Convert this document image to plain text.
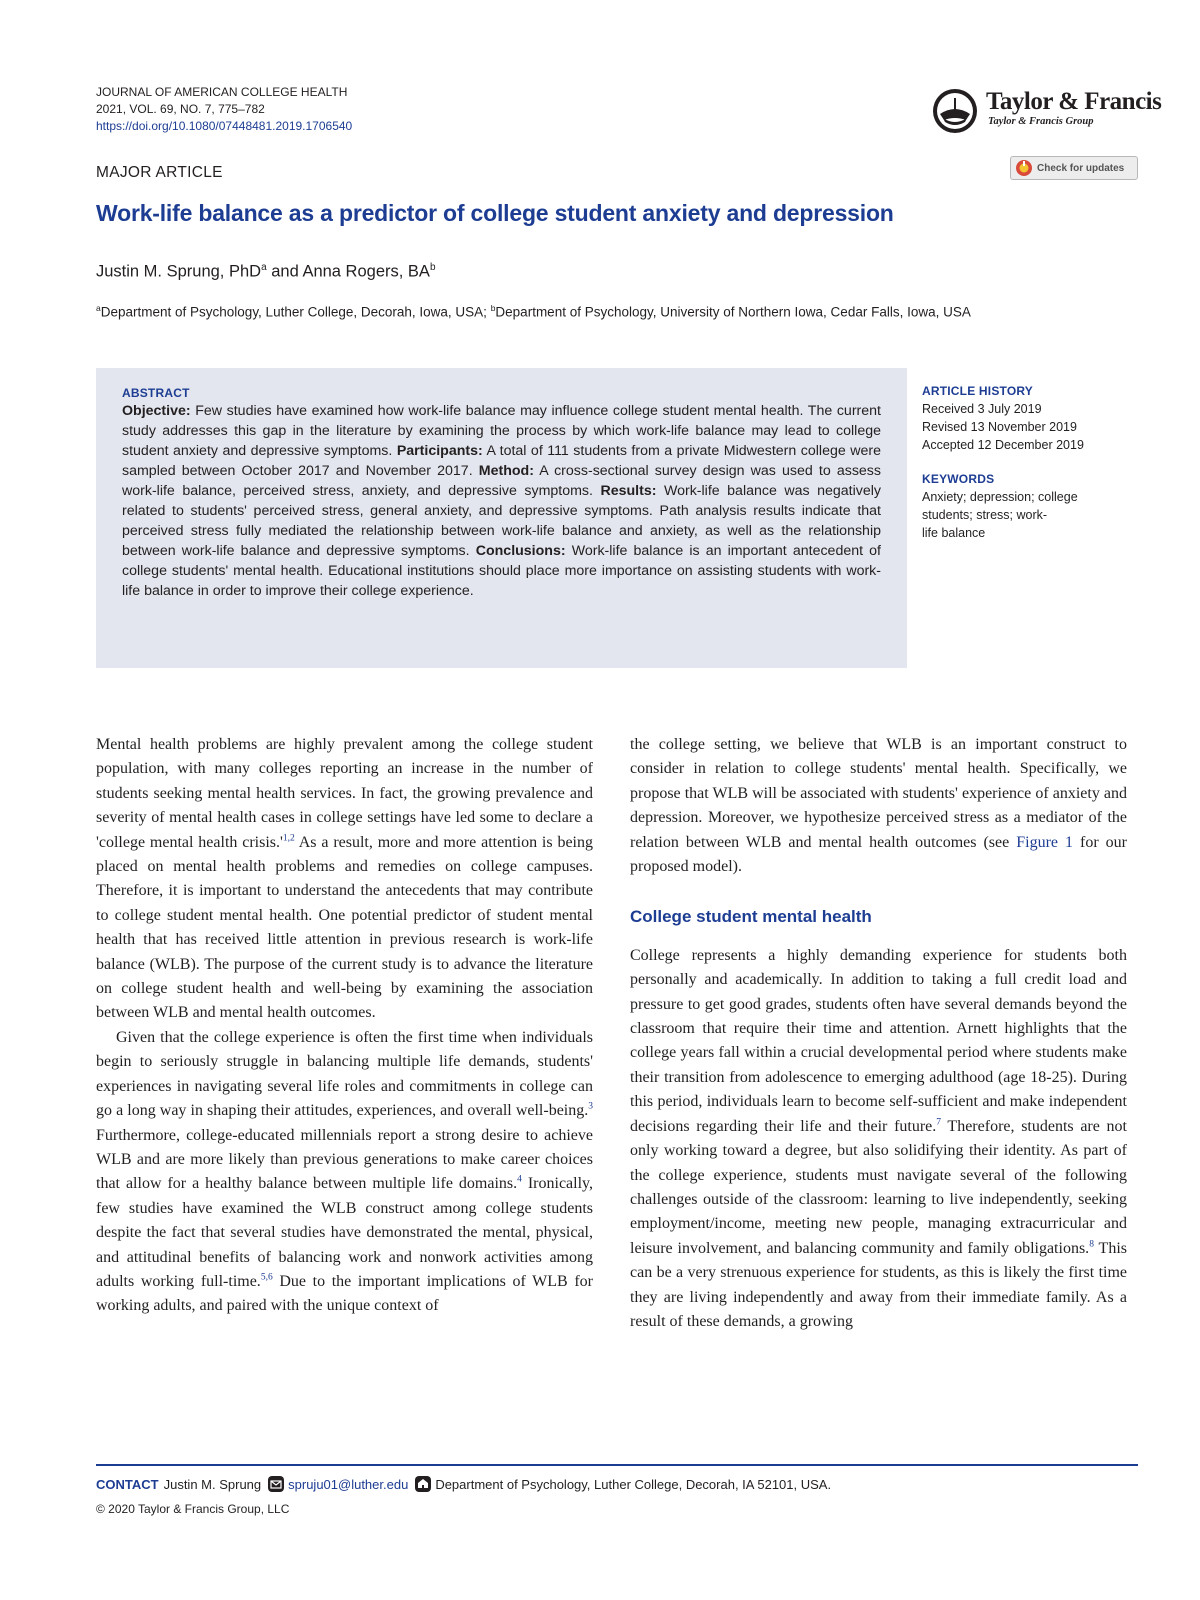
JOURNAL OF AMERICAN COLLEGE HEALTH
2021, VOL. 69, NO. 7, 775–782
https://doi.org/10.1080/07448481.2019.1706540
Taylor & Francis
Taylor & Francis Group
MAJOR ARTICLE	Check for updates
Work-life balance as a predictor of college student anxiety and depression
Justin M. Sprung, PhD$^a$ and Anna Rogers, $BA^b$
$^a$Department of Psychology, Luther College, Decorah, Iowa, USA; $^b$Department of Psychology, University of Northern Iowa, Cedar Falls, Iowa, USA
ABSTRACT

Objective: Few studies have examined how work-life balance may influence college student mental health. The current study addresses this gap in the literature by examining the process by which work-life balance may lead to college student anxiety and depressive symptoms. Participants: A total of 111 students from a private Midwestern college were sampled between October 2017 and November 2017. Method: A cross-sectional survey design was used to assess work-life balance, perceived stress, anxiety, and depressive symptoms. Results: Work-life balance was negatively related to students' perceived stress, general anxiety, and depressive symptoms. Path analysis results indicate that perceived stress fully mediated the relationship between work-life balance and anxiety, as well as the relationship between work-life balance and depressive symptoms. Conclusions: Work-life balance is an important antecedent of college students' mental health. Educational institutions should place more importance on assisting students with work-life balance in order to improve their college experience.

ARTICLE HISTORY
Received 3 July 2019
Revised 13 November 2019
Accepted 12 December 2019
KEYWORDS
Anxiety; depression; college
students; stress; work-
life balance

Mental health problems are highly prevalent among the college student population, with many colleges reporting an increase in the number of students seeking mental health services. In fact, the growing prevalence and severity of mental health cases in college settings have led some to declare a 'college mental health $crisis.'^{1,2}$ As a result, more and more attention is being placed on mental health problems and remedies on college campuses. Therefore, it is important to understand the antecedents that may contribute to college student mental health. One potential predictor of student mental health that has received little attention in previous research is work-life balance (WLB). The purpose of the current study is to advance the literature on college student health and well-being by examining the association between WLB and mental health outcomes.

Given that the college experience is often the first time when individuals begin to seriously struggle in balancing multiple life demands, students' experiences in navigating several life roles and commitments in college can go a long way in shaping their attitudes, experiences, and overall well-being.$^3$ Furthermore, college-educated millennials report a strong desire to achieve WLB and are more likely than previous generations to make career choices that allow for a healthy balance between multiple life domains.$^4$ Ironically, few studies have examined the WLB construct among college students despite the fact that several studies have demonstrated the mental, physical, and attitudinal benefits of balancing work and nonwork activities among adults working full-time.$^{5,6}$ Due to the important implications of WLB for working adults, and paired with the unique context of

the college setting, we believe that WLB is an important construct to consider in relation to college students' mental health. Specifically, we propose that WLB will be associated with students' experience of anxiety and depression. Moreover, we hypothesize perceived stress as a mediator of the relation between WLB and mental health outcomes (see Figure 1 for our proposed model).

College student mental health

College represents a highly demanding experience for students both personally and academically. In addition to taking a full credit load and pressure to get good grades, students often have several demands beyond the classroom that require their time and attention. Arnett highlights that the college years fall within a crucial developmental period where students make their transition from adolescence to emerging adulthood (age 18-25). During this period, individuals learn to become self-sufficient and make independent decisions regarding their life and their future.$^7$ Therefore, students are not only working toward a degree, but also solidifying their identity. As part of the college experience, students must navigate several of the following challenges outside of the classroom: learning to live independently, seeking employment/income, meeting new people, managing extracurricular and leisure involvement, and balancing community and family obligations.$^8$ This can be a very strenuous experience for students, as this is likely the first time they are living independently and away from their immediate family. As a result of these demands, a growing

CONTACT Justin M. Sprung spruju01@luther.edu Department of Psychology, Luther College, Decorah, IA 52101, USA.
© 2020 Taylor & Francis Group, LLC
